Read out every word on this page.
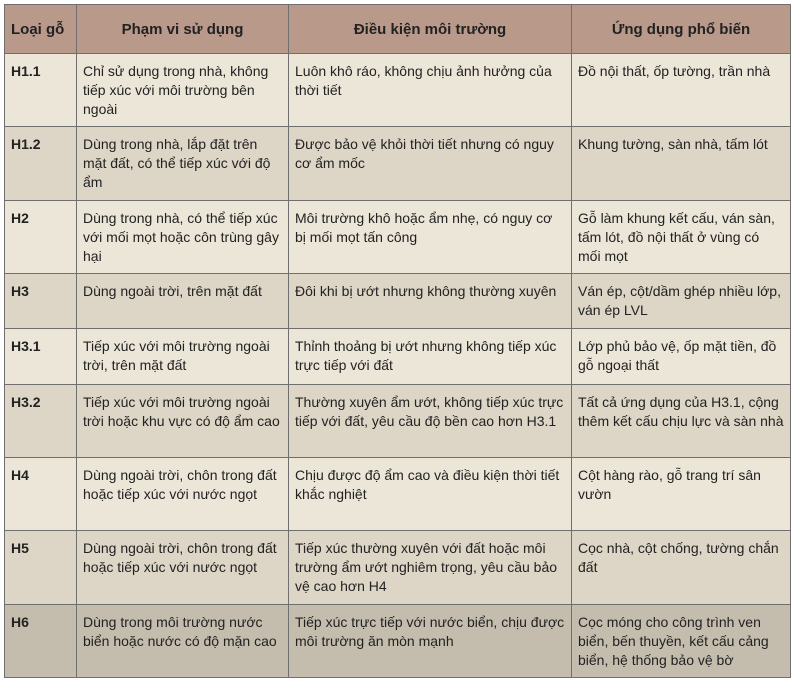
Loại gỗ	Phạm vi sử dụng	Điều kiện môi trường	Ứng dụng phổ biến
H1.1	Chỉ sử dụng trong nhà, không tiếp xúc với môi trường bên ngoài	Luôn khô ráo, không chịu ảnh hưởng của thời tiết	Đồ nội thất, ốp tường, trần nhà
H1.2	Dùng trong nhà, lắp đặt trên mặt đất, có thể tiếp xúc với độ ẩm	Được bảo vệ khỏi thời tiết nhưng có nguy cơ ẩm mốc	Khung tường, sàn nhà, tấm lót
H2	Dùng trong nhà, có thể tiếp xúc với mối mọt hoặc côn trùng gây hại	Môi trường khô hoặc ẩm nhẹ, có nguy cơ bị mối mọt tấn công	Gỗ làm khung kết cấu, ván sàn, tấm lót, đồ nội thất ở vùng có mối mọt
H3	Dùng ngoài trời, trên mặt đất	Đôi khi bị ướt nhưng không thường xuyên	Ván ép, cột/dầm ghép nhiều lớp, ván ép LVL
H3.1	Tiếp xúc với môi trường ngoài trời, trên mặt đất	Thỉnh thoảng bị ướt nhưng không tiếp xúc trực tiếp với đất	Lớp phủ bảo vệ, ốp mặt tiền, đồ gỗ ngoại thất
H3.2	Tiếp xúc với môi trường ngoài trời hoặc khu vực có độ ẩm cao	Thường xuyên ẩm ướt, không tiếp xúc trực tiếp với đất, yêu cầu độ bền cao hơn H3.1	Tất cả ứng dụng của H3.1, cộng thêm kết cấu chịu lực và sàn nhà
H4	Dùng ngoài trời, chôn trong đất hoặc tiếp xúc với nước ngọt	Chịu được độ ẩm cao và điều kiện thời tiết khắc nghiệt	Cột hàng rào, gỗ trang trí sân vườn
H5	Dùng ngoài trời, chôn trong đất hoặc tiếp xúc với nước ngọt	Tiếp xúc thường xuyên với đất hoặc môi trường ẩm ướt nghiêm trọng, yêu cầu bảo vệ cao hơn H4	Cọc nhà, cột chống, tường chắn đất
H6	Dùng trong môi trường nước biển hoặc nước có độ mặn cao	Tiếp xúc trực tiếp với nước biển, chịu được môi trường ăn mòn mạnh	Cọc móng cho công trình ven biển, bến thuyền, kết cấu cảng biển, hệ thống bảo vệ bờ
